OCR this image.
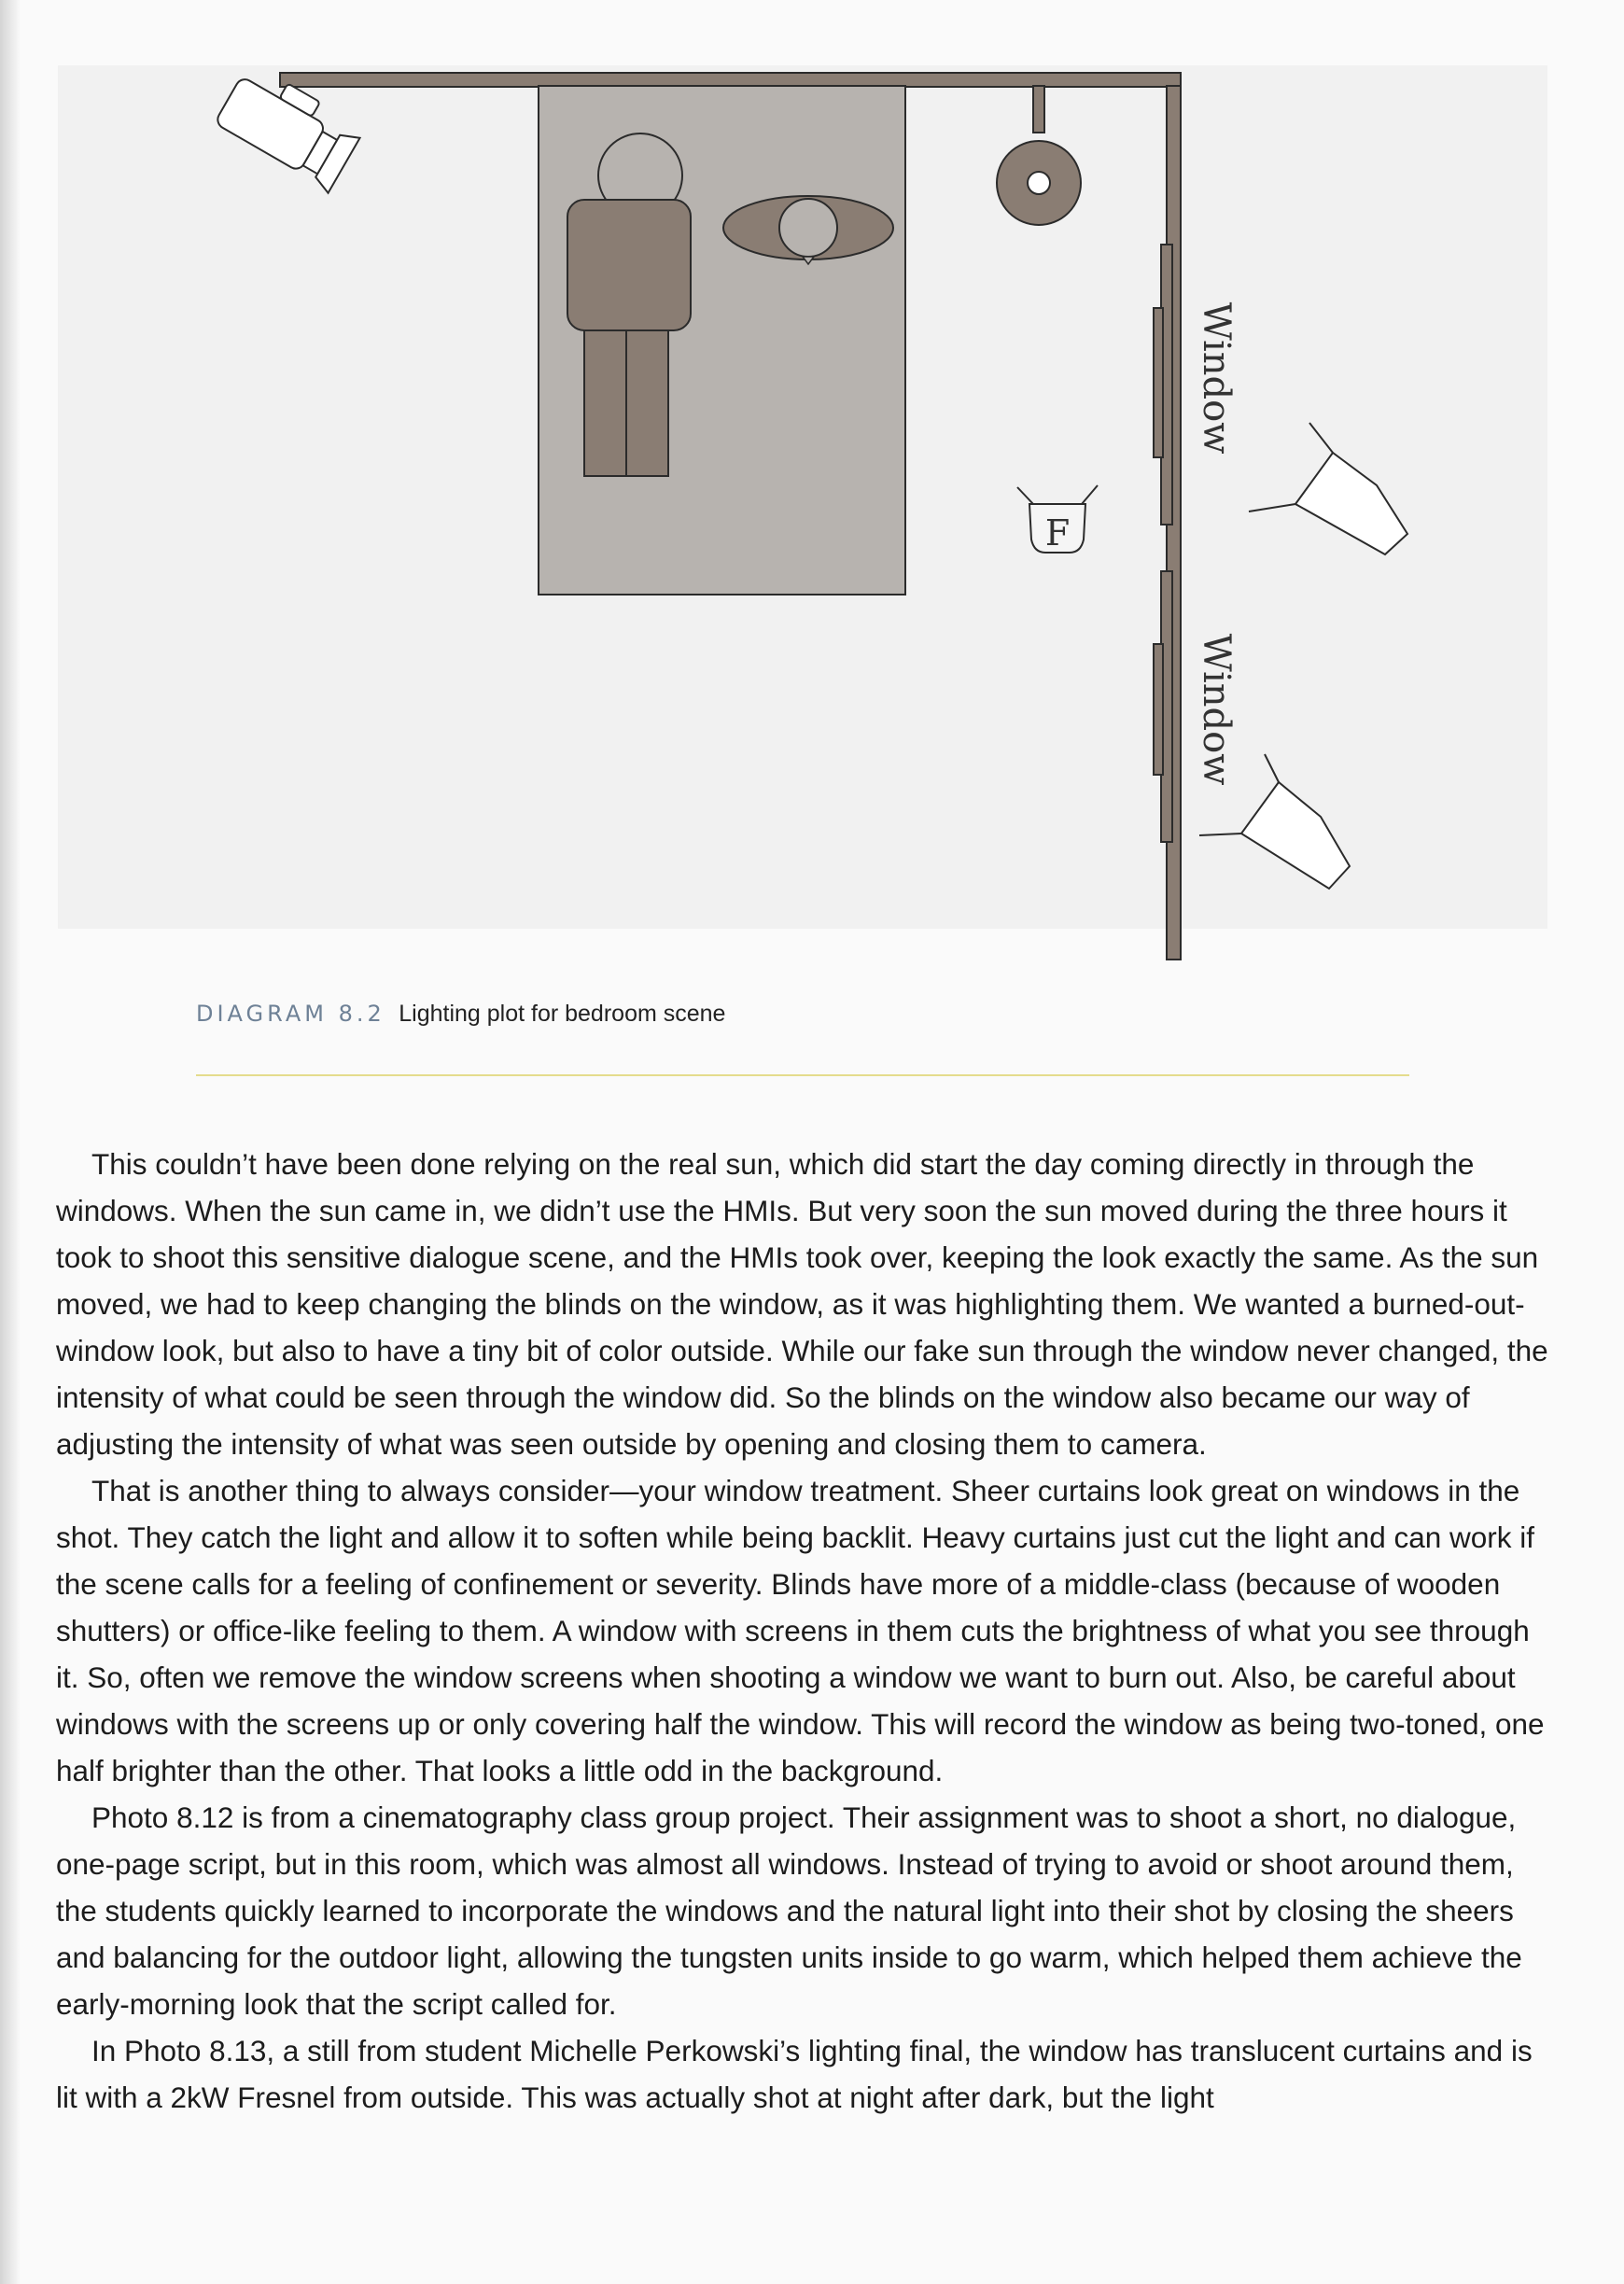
F
Window
Window
DIAGRAM 8.2 Lighting plot for bedroom scene

This couldn’t have been done relying on the real sun, which did start the day coming directly in through the windows. When the sun came in, we didn’t use the HMIs. But very soon the sun moved during the three hours it took to shoot this sensitive dialogue scene, and the HMIs took over, keeping the look exactly the same. As the sun moved, we had to keep changing the blinds on the window, as it was highlighting them. We wanted a burned-out-window look, but also to have a tiny bit of color outside. While our fake sun through the window never changed, the intensity of what could be seen through the window did. So the blinds on the window also became our way of adjusting the intensity of what was seen outside by opening and closing them to camera.

That is another thing to always consider—your window treatment. Sheer curtains look great on windows in the shot. They catch the light and allow it to soften while being backlit. Heavy curtains just cut the light and can work if the scene calls for a feeling of confinement or severity. Blinds have more of a middle-class (because of wooden shutters) or office-like feeling to them. A window with screens in them cuts the brightness of what you see through it. So, often we remove the window screens when shooting a window we want to burn out. Also, be careful about windows with the screens up or only covering half the window. This will record the window as being two-toned, one half brighter than the other. That looks a little odd in the background.

Photo 8.12 is from a cinematography class group project. Their assignment was to shoot a short, no dialogue, one-page script, but in this room, which was almost all windows. Instead of trying to avoid or shoot around them, the students quickly learned to incorporate the windows and the natural light into their shot by closing the sheers and balancing for the outdoor light, allowing the tungsten units inside to go warm, which helped them achieve the early-morning look that the script called for.

In Photo 8.13, a still from student Michelle Perkowski’s lighting final, the window has translucent curtains and is lit with a 2kW Fresnel from outside. This was actually shot at night after dark, but the light
